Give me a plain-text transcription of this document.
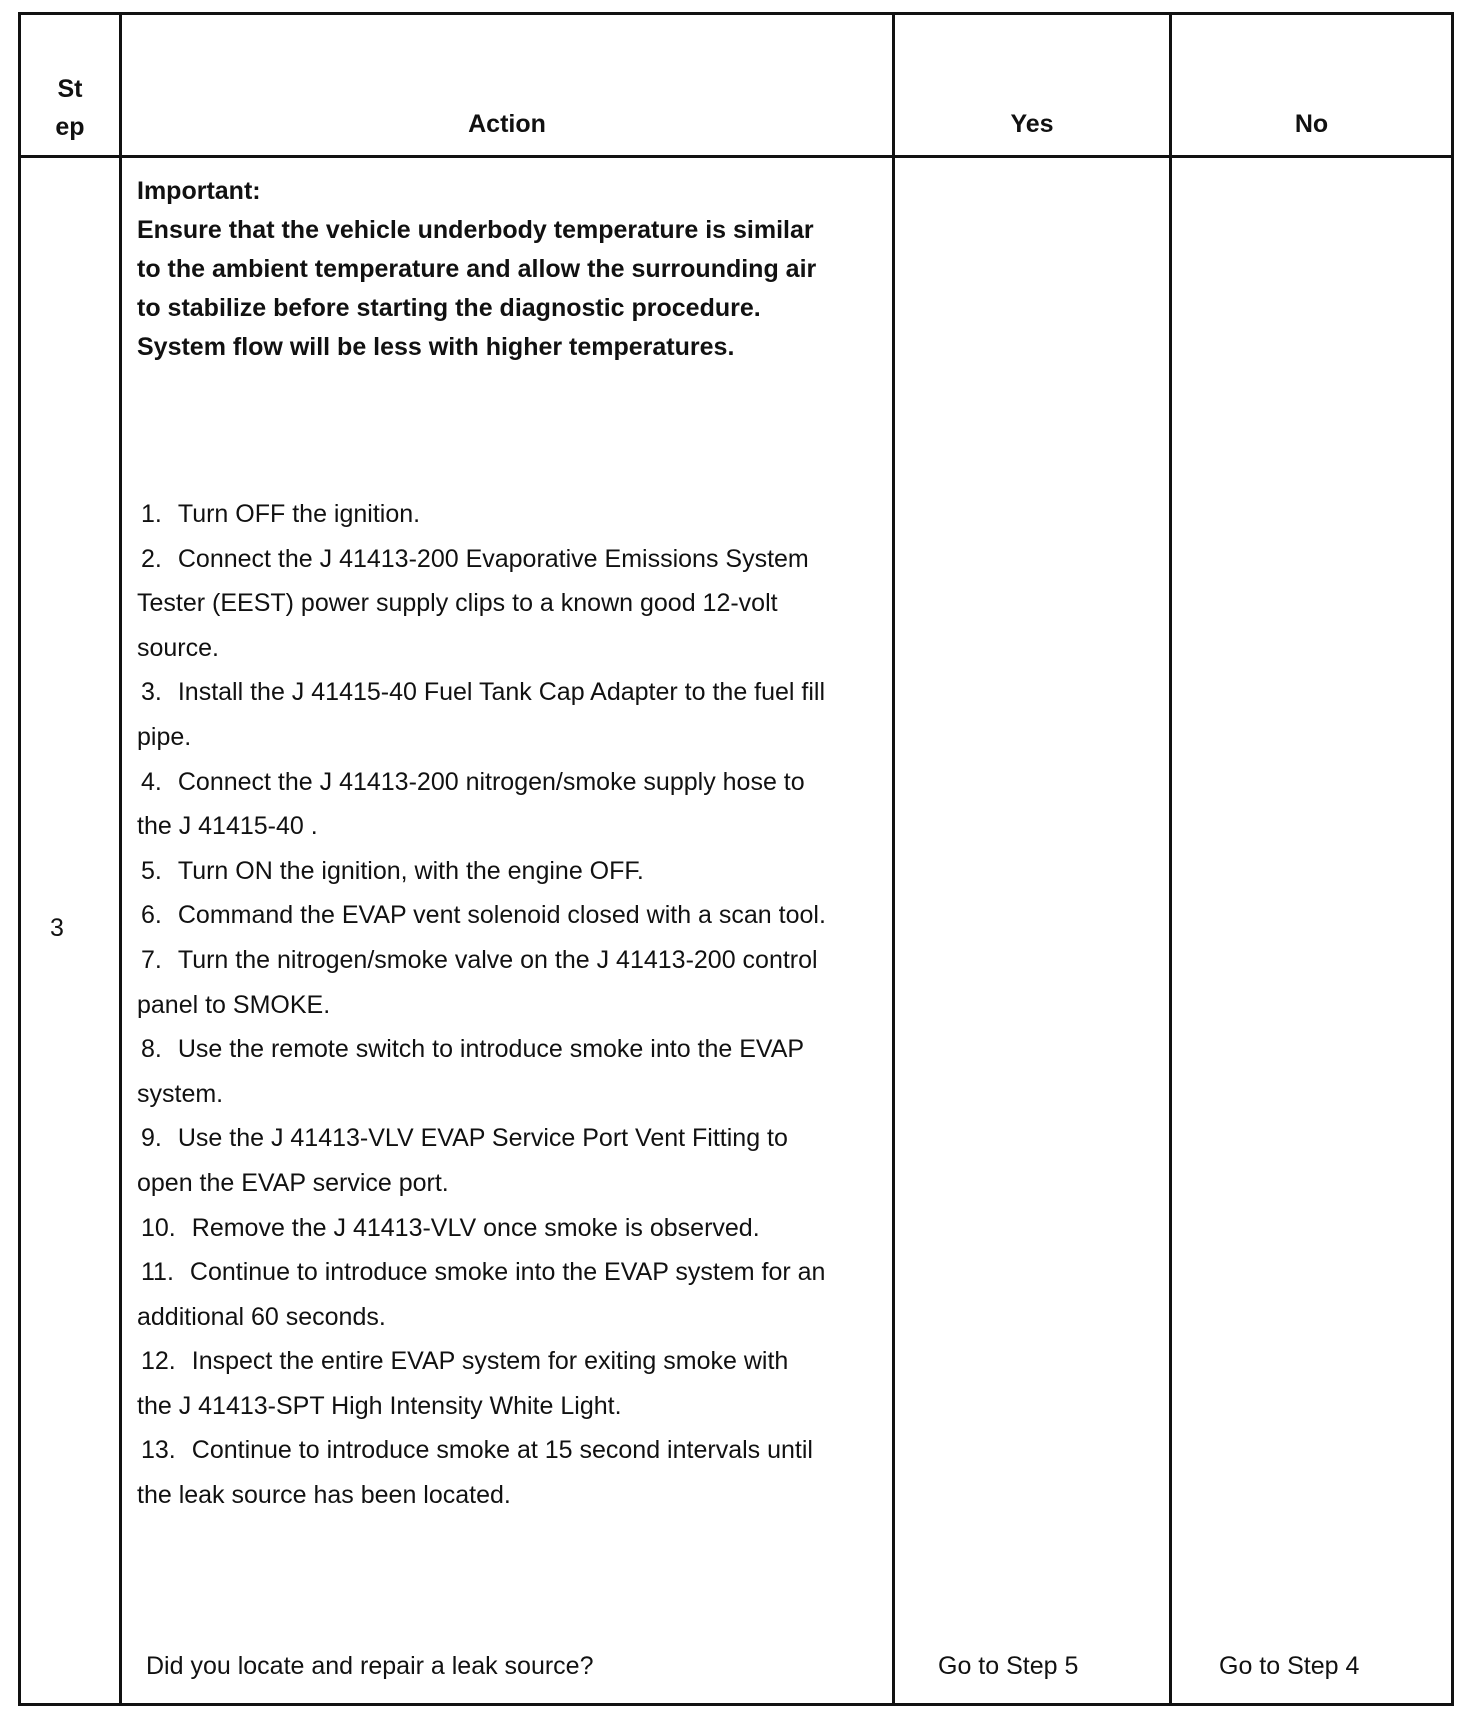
St
ep	Action	Yes	No
3
Important:
Ensure that the vehicle underbody temperature is similar to the ambient temperature and allow the surrounding air to stabilize before starting the diagnostic procedure. System flow will be less with higher temperatures.
1. Turn OFF the ignition.
2. Connect the J 41413-200 Evaporative Emissions System Tester (EEST) power supply clips to a known good 12-volt source.
3. Install the J 41415-40 Fuel Tank Cap Adapter to the fuel fill pipe.
4. Connect the J 41413-200 nitrogen/smoke supply hose to the J 41415-40 .
5. Turn ON the ignition, with the engine OFF.
6. Command the EVAP vent solenoid closed with a scan tool.
7. Turn the nitrogen/smoke valve on the J 41413-200 control panel to SMOKE.
8. Use the remote switch to introduce smoke into the EVAP system.
9. Use the J 41413-VLV EVAP Service Port Vent Fitting to open the EVAP service port.
10. Remove the J 41413-VLV once smoke is observed.
11. Continue to introduce smoke into the EVAP system for an additional 60 seconds.
12. Inspect the entire EVAP system for exiting smoke with the J 41413-SPT High Intensity White Light.
13. Continue to introduce smoke at 15 second intervals until the leak source has been located.
Did you locate and repair a leak source?	Go to Step 5	Go to Step 4
